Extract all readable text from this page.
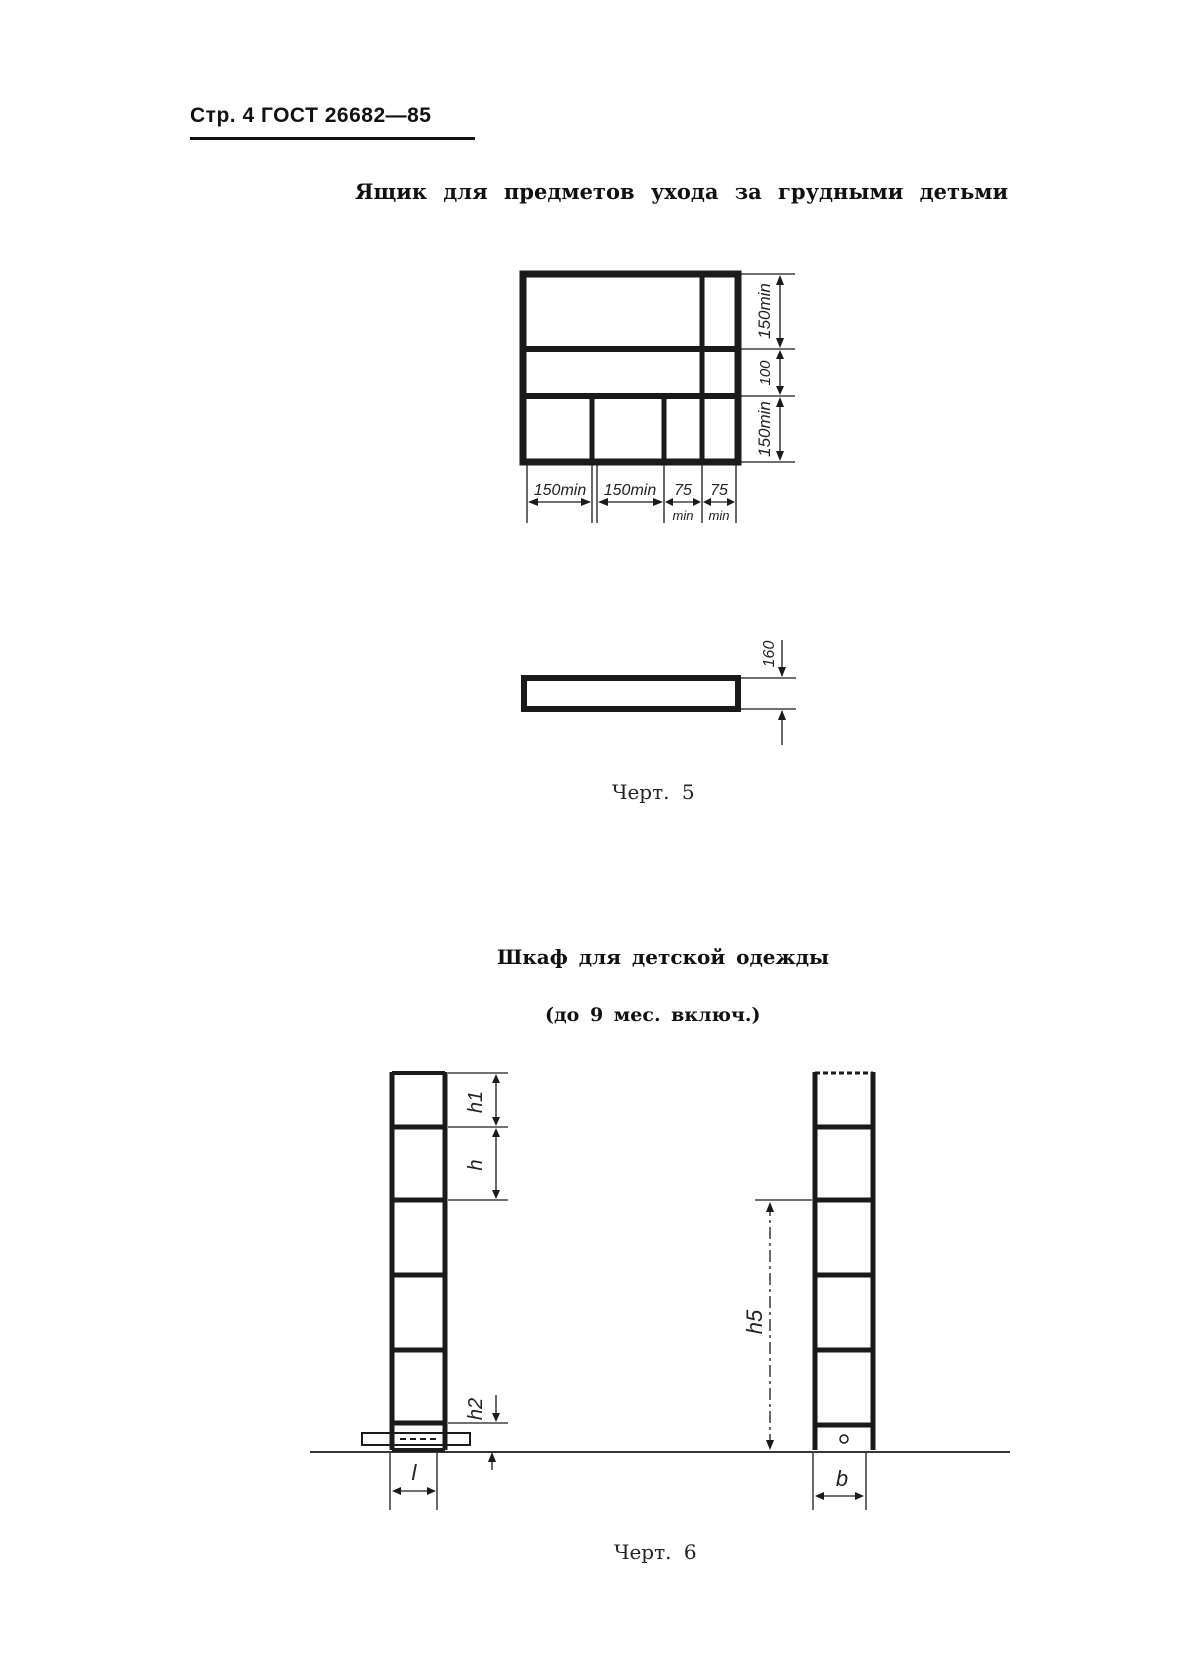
Стр. 4 ГОСТ 26682—85
Ящик для предметов ухода за грудными детьми
150min
100
150min
150min 150min 75 75
min min
160
h1
h
h2
l
h5
b
Черт. 5
Шкаф для детской одежды
(до 9 мес. включ.)
Черт. 6
